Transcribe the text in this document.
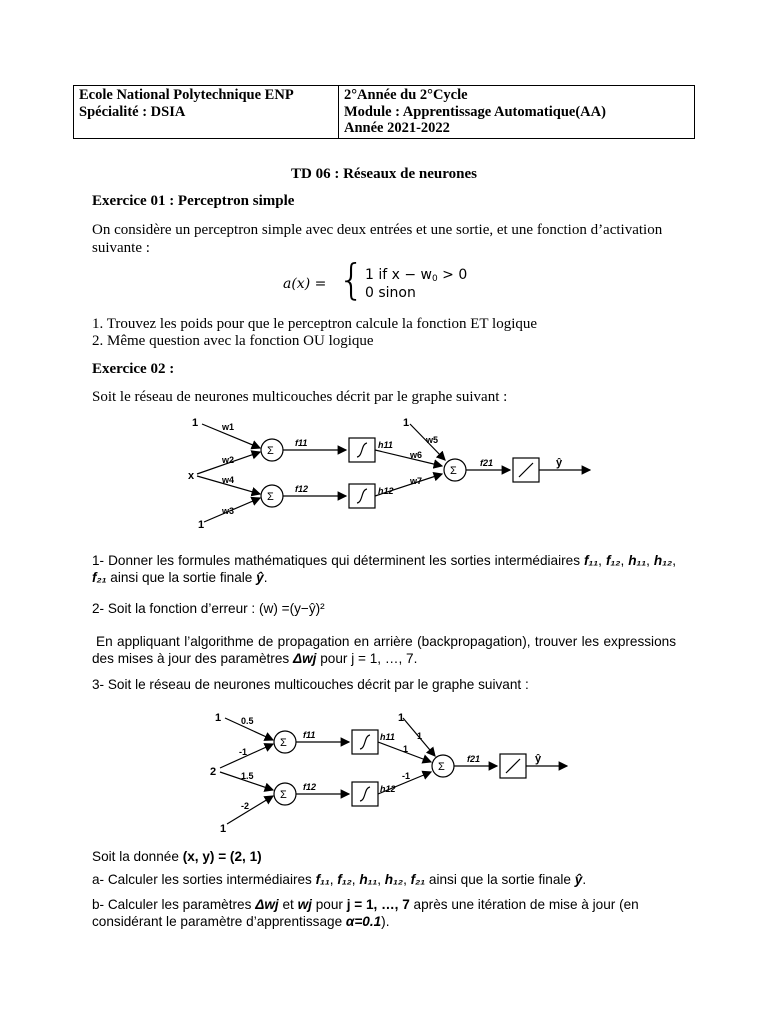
Ecole National Polytechnique ENP
Spécialité : DSIA
2°Année du 2°Cycle
Module : Apprentissage Automatique(AA)
Année 2021-2022
TD 06 : Réseaux de neurones
Exercice 01 : Perceptron simple
On considère un perceptron simple avec deux entrées et une sortie, et une fonction d’activation
suivante :
a(x) = { 1 if $x - w_0 > 0$
0 sinon
1. Trouvez les poids pour que le perceptron calcule la fonction ET logique
2. Même question avec la fonction OU logique
Exercice 02 :
Soit le réseau de neurones multicouches décrit par le graphe suivant :
1
x
1
w1
w2
w4
w3
Σ
Σ
f11
f12
h11
h12
1
w5
w6
w7
Σ
f21	ŷ
1- Donner les formules mathématiques qui déterminent les sorties intermédiaires f₁₁, f₁₂, h₁₁, h₁₂, f₂₁ ainsi que la sortie finale ŷ.
2- Soit la fonction d’erreur : (w) =(y−ŷ)²
En appliquant l’algorithme de propagation en arrière (backpropagation), trouver les expressions des mises à jour des paramètres Δwj pour j = 1, …, 7.
3- Soit le réseau de neurones multicouches décrit par le graphe suivant :
1
2
1
0.5
-1
1.5
-2
Σ
Σ
f11
f12
h11
h12
1
1
1
-1
Σ
f21	ŷ
Soit la donnée (x, y) = (2, 1)
a- Calculer les sorties intermédiaires f₁₁, f₁₂, h₁₁, h₁₂, f₂₁ ainsi que la sortie finale ŷ.
b- Calculer les paramètres Δwj et wj pour j = 1, …, 7 après une itération de mise à jour (en
considérant le paramètre d’apprentissage α=0.1).
